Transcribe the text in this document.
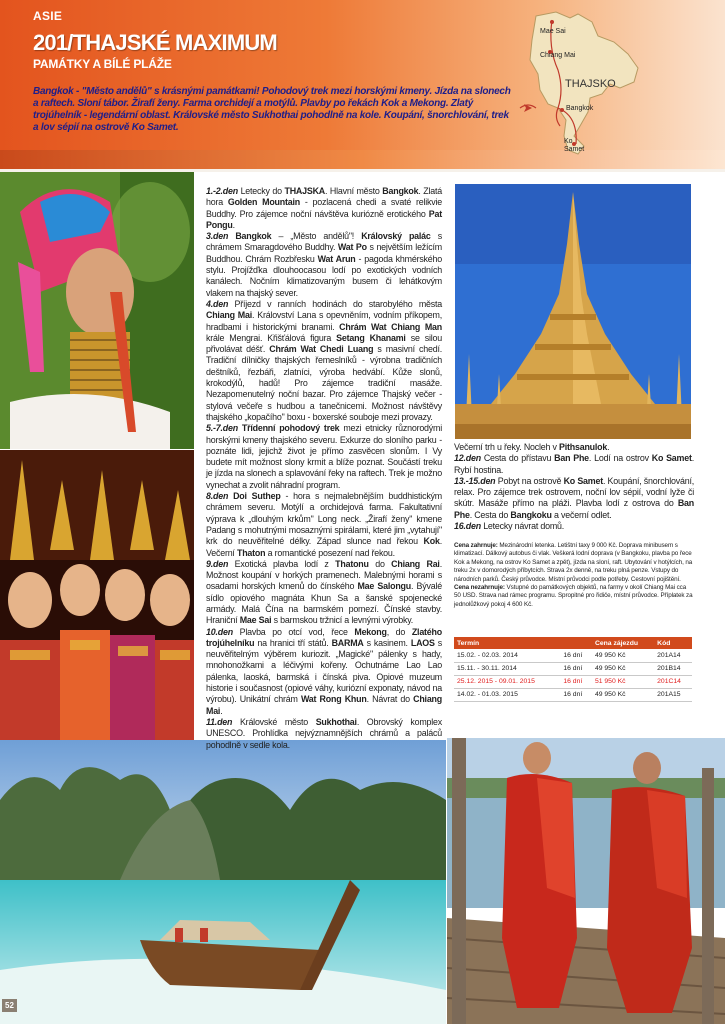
ASIE
201/THAJSKÉ MAXIMUM
PAMÁTKY A BÍLÉ PLÁŽE
Bangkok - "Město andělů" s krásnými památkami! Pohodový trek mezi horskými kmeny. Jízda na slonech a raftech. Sloní tábor. Žirafí ženy. Farma orchidejí a motýlů. Plavby po řekách Kok a Mekong. Zlatý trojúhelník - legendární oblast. Královské město Sukhothai pohodlně na kole. Koupání, šnorchlování, trek a lov sépií na ostrově Ko Samet.
Mae Sai
Chiang Mai
Bangkok
Ko Samet
THAJSKO

1.-2.den Letecky do THAJSKA. Hlavní město Bangkok. Zlatá hora Golden Mountain - pozlacená chedi a svaté relikvie Buddhy. Pro zájemce noční návštěva kuriózně erotického Pat Pongu.

3.den Bangkok – „Město andělů"! Královský palác s chrámem Smaragdového Buddhy. Wat Po s největším ležícím Buddhou. Chrám Rozbřesku Wat Arun - pagoda khmérského stylu. Projížďka dlouhoocasou lodí po exotických vodních kanálech. Nočním klimatizovaným busem či lehátkovým vlakem na thajský sever.

4.den Příjezd v ranních hodinách do starobylého města Chiang Mai. Království Lana s opevněním, vodním příkopem, hradbami i historickými branami. Chrám Wat Chiang Man krále Mengrai. Křišťálová figura Setang Khanami se silou přivolávat déšť. Chrám Wat Chedi Luang s masivní chedí. Tradiční dílničky thajských řemeslníků - výrobna tradičních deštníků, řezbáři, zlatníci, výroba hedvábí. Kůže slonů, krokodýlů, hadů! Pro zájemce tradiční masáže. Nezapomenutelný noční bazar. Pro zájemce Thajský večer - stylová večeře s hudbou a tanečnicemi. Možnost návštěvy thajského „kopačího" boxu - boxerské souboje mezi provazy.

5.-7.den Třídenní pohodový trek mezi etnicky různorodými horskými kmeny thajského severu. Exkurze do sloního parku - poznáte lidi, jejichž život je přímo zasvěcen slonům. I Vy budete mít možnost slony krmit a blíže poznat. Součástí treku je jízda na slonech a splavování řeky na raftech. Trek je možno vynechat a zvolit náhradní program.

8.den Doi Suthep - hora s nejmalebnějším buddhistickým chrámem severu. Motýlí a orchidejová farma. Fakultativní výprava k „dlouhým krkům" Long neck. „Žirafí ženy" kmene Padang s mohutnými mosaznými spirálami, které jim „vytahují" krk do neuvěřitelné délky. Západ slunce nad řekou Kok. Večerní Thaton a romantické posezení nad řekou.

9.den Exotická plavba lodí z Thatonu do Chiang Rai. Možnost koupání v horkých pramenech. Malebnými horami s osadami horských kmenů do čínského Mae Salongu. Bývalé sídlo opiového magnáta Khun Sa a šanské spojenecké armády. Malá Čína na barmském pomezí. Čínské stavby. Hraniční Mae Sai s barmskou tržnicí a levnými výrobky.

10.den Plavba po otcí vod, řece Mekong, do Zlatého trojúhelníku na hranici tří států. BARMA s kasinem. LAOS s neuvěřitelným výběrem kuriozit. „Magické" pálenky s hady, mnohonožkami a léčivými kořeny. Ochutnáme Lao Lao pálenka, laoská, barmská i čínská piva. Opiové muzeum historie i současnost (opiové váhy, kuriózní exponaty, návod na výrobu). Unikátní chrám Wat Rong Khun. Návrat do Chiang Mai.

11.den Královské město Sukhothai. Obrovský komplex UNESCO. Prohlídka nejvýznamnějších chrámů a paláců pohodlně v sedle kola.

Večerní trh u řeky. Nocleh v Pithsanulok.

12.den Cesta do přístavu Ban Phe. Lodí na ostrov Ko Samet. Rybí hostina.

13.-15.den Pobyt na ostrově Ko Samet. Koupání, šnorchlování, relax. Pro zájemce trek ostrovem, noční lov sépií, vodní lyže či skútr. Masáže přímo na pláži. Plavba lodí z ostrova do Ban Phe. Cesta do Bangkoku a večerní odlet.

16.den Letecky návrat domů.

Cena zahrnuje: Mezinárodní letenka. Letištní taxy 9 000 Kč. Doprava minibusem s klimatizací. Dálkový autobus či vlak. Veškerá lodní doprava (v Bangkoku, plavba po řece Kok a Mekong, na ostrov Ko Samet a zpět), jízda na sloní, raft. Ubytování v hotýlcích, na treku 2x v domorodých příbytcích. Strava 2x denně, na treku plná penze. Vstupy do národních parků. Český průvodce. Místní průvodci podle potřeby. Cestovní pojištění.

Cena nezahrnuje: Vstupné do památkových objektů, na farmy v okolí Chiang Mai cca 50 USD. Strava nad rámec programu. Spropitné pro řidiče, místní průvodce. Příplatek za jednolůžkový pokoj 4 600 Kč.

Termín		Cena zájezdu	Kód
15.02. - 02.03. 2014	16 dní	49 950 Kč	201A14
15.11. - 30.11. 2014	16 dní	49 950 Kč	201B14
25.12. 2015 - 09.01. 2015	16 dní	51 950 Kč	201C14
14.02. - 01.03. 2015	16 dní	49 950 Kč	201A15
52
